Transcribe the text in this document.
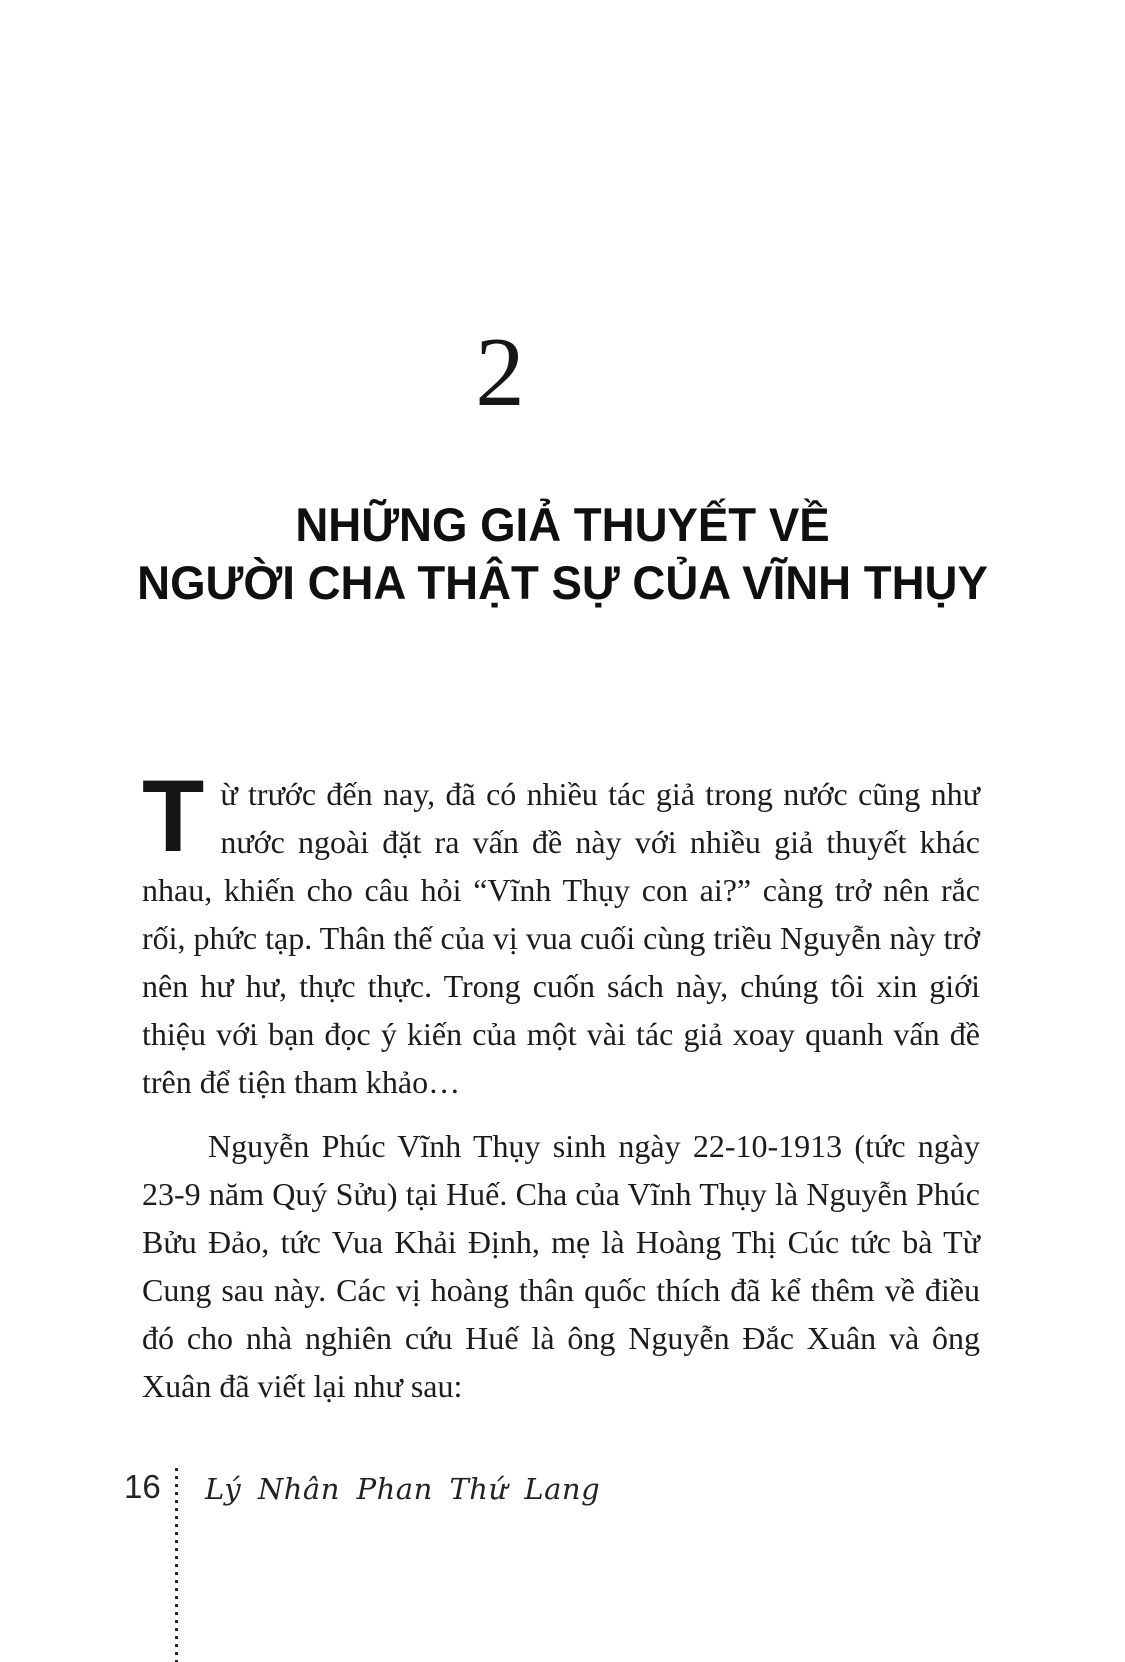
2
NHỮNG GIẢ THUYẾT VỀ
NGƯỜI CHA THẬT SỰ CỦA VĨNH THỤY

Từ trước đến nay, đã có nhiều tác giả trong nước cũng như nước ngoài đặt ra vấn đề này với nhiều giả thuyết khác nhau, khiến cho câu hỏi “Vĩnh Thụy con ai?” càng trở nên rắc rối, phức tạp. Thân thế của vị vua cuối cùng triều Nguyễn này trở nên hư hư, thực thực. Trong cuốn sách này, chúng tôi xin giới thiệu với bạn đọc ý kiến của một vài tác giả xoay quanh vấn đề trên để tiện tham khảo…

Nguyễn Phúc Vĩnh Thụy sinh ngày 22-10-1913 (tức ngày 23-9 năm Quý Sửu) tại Huế. Cha của Vĩnh Thụy là Nguyễn Phúc Bửu Đảo, tức Vua Khải Định, mẹ là Hoàng Thị Cúc tức bà Từ Cung sau này. Các vị hoàng thân quốc thích đã kể thêm về điều đó cho nhà nghiên cứu Huế là ông Nguyễn Đắc Xuân và ông Xuân đã viết lại như sau:

16 Lý Nhân Phan Thứ Lang
